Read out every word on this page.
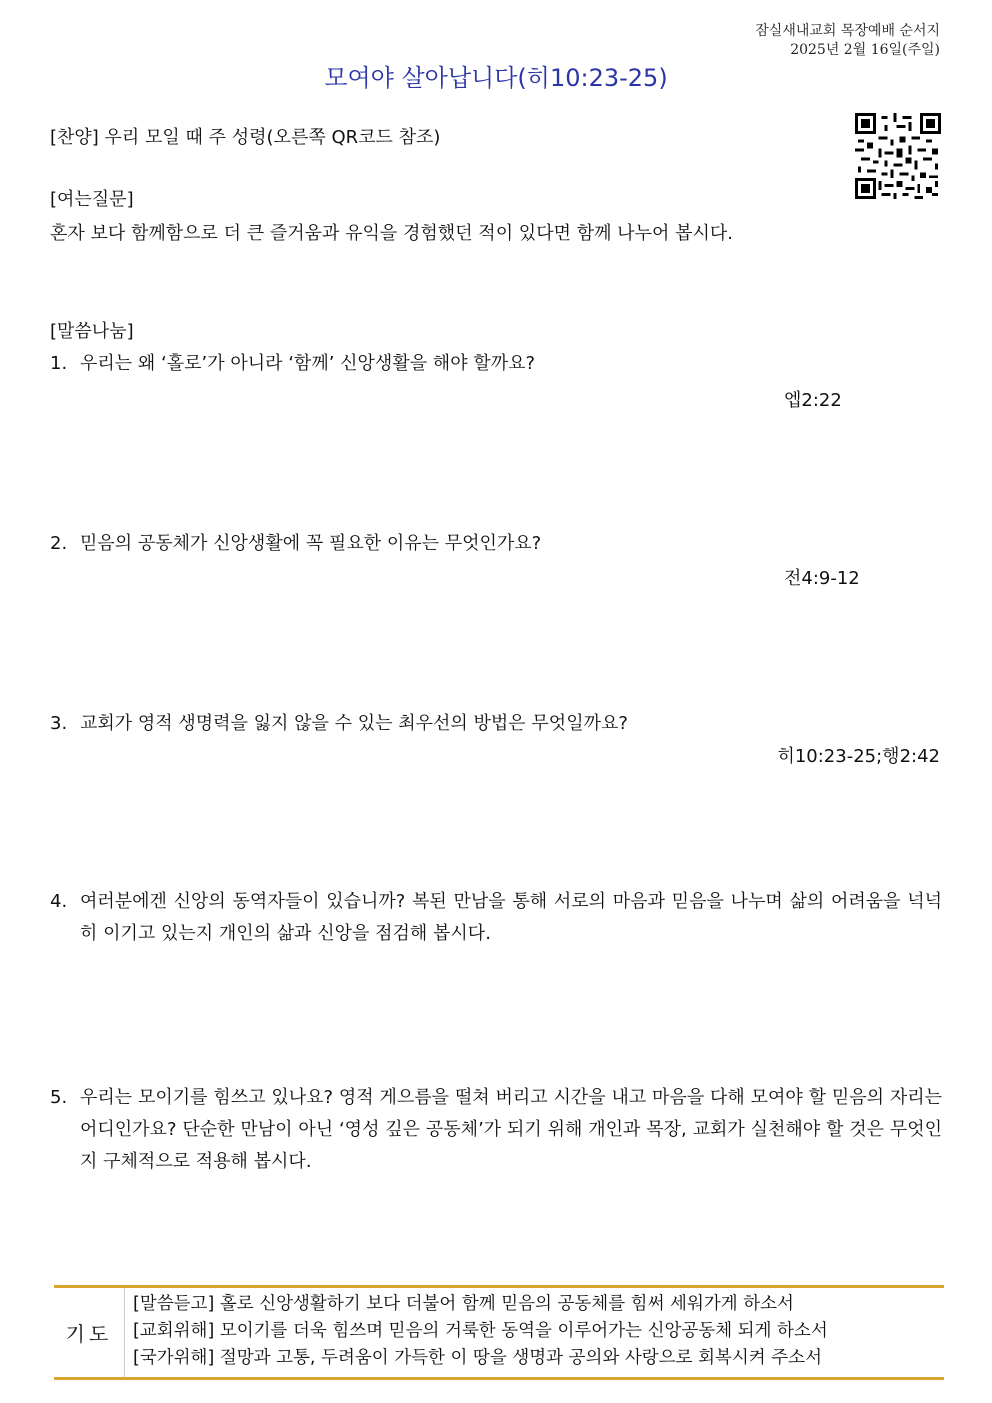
잠실새내교회 목장예배 순서지
2025년 2월 16일(주일)
모여야 살아납니다(히10:23-25)
[찬양] 우리 모일 때 주 성령(오른쪽 QR코드 참조)
[여는질문]
혼자 보다 함께함으로 더 큰 즐거움과 유익을 경험했던 적이 있다면 함께 나누어 봅시다.
[말씀나눔]
1. 우리는 왜 ‘홀로’가 아니라 ‘함께’ 신앙생활을 해야 할까요?
엡2:22
2. 믿음의 공동체가 신앙생활에 꼭 필요한 이유는 무엇인가요?
전4:9-12
3. 교회가 영적 생명력을 잃지 않을 수 있는 최우선의 방법은 무엇일까요?
히10:23-25;행2:42
4. 여러분에겐 신앙의 동역자들이 있습니까? 복된 만남을 통해 서로의 마음과 믿음을 나누며 삶의 어려움을 넉넉히 이기고 있는지 개인의 삶과 신앙을 점검해 봅시다.
5. 우리는 모이기를 힘쓰고 있나요? 영적 게으름을 떨쳐 버리고 시간을 내고 마음을 다해 모여야 할 믿음의 자리는 어디인가요? 단순한 만남이 아닌 ‘영성 깊은 공동체’가 되기 위해 개인과 목장, 교회가 실천해야 할 것은 무엇인지 구체적으로 적용해 봅시다.
기도
[말씀듣고] 홀로 신앙생활하기 보다 더불어 함께 믿음의 공동체를 힘써 세워가게 하소서
[교회위해] 모이기를 더욱 힘쓰며 믿음의 거룩한 동역을 이루어가는 신앙공동체 되게 하소서
[국가위해] 절망과 고통, 두려움이 가득한 이 땅을 생명과 공의와 사랑으로 회복시켜 주소서
